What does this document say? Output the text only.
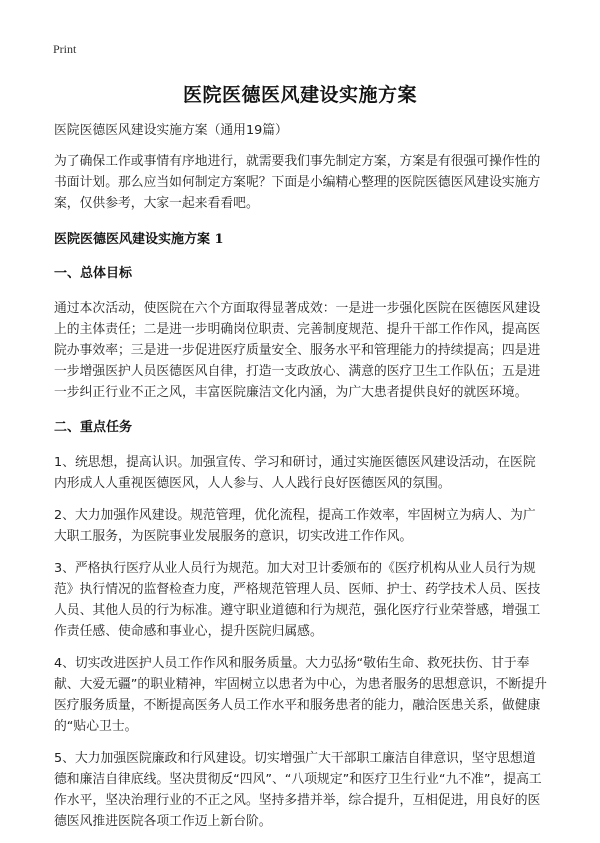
Print
医院医德医风建设实施方案

医院医德医风建设实施方案（通用19篇）

为了确保工作或事情有序地进行，就需要我们事先制定方案，方案是有很强可操作性的书面计划。那么应当如何制定方案呢？下面是小编精心整理的医院医德医风建设实施方案，仅供参考，大家一起来看看吧。

医院医德医风建设实施方案 1
一、总体目标

通过本次活动，使医院在六个方面取得显著成效：一是进一步强化医院在医德医风建设上的主体责任；二是进一步明确岗位职责、完善制度规范、提升干部工作作风，提高医院办事效率；三是进一步促进医疗质量安全、服务水平和管理能力的持续提高；四是进一步增强医护人员医德医风自律，打造一支政放心、满意的医疗卫生工作队伍；五是进一步纠正行业不正之风，丰富医院廉洁文化内涵，为广大患者提供良好的就医环境。

二、重点任务

1、统思想，提高认识。加强宣传、学习和研讨，通过实施医德医风建设活动，在医院内形成人人重视医德医风，人人参与、人人践行良好医德医风的氛围。

2、大力加强作风建设。规范管理，优化流程，提高工作效率，牢固树立为病人、为广大职工服务，为医院事业发展服务的意识，切实改进工作作风。

3、严格执行医疗从业人员行为规范。加大对卫计委颁布的《医疗机构从业人员行为规范》执行情况的监督检查力度，严格规范管理人员、医师、护士、药学技术人员、医技人员、其他人员的行为标准。遵守职业道德和行为规范，强化医疗行业荣誉感，增强工作责任感、使命感和事业心，提升医院归属感。

4、切实改进医护人员工作作风和服务质量。大力弘扬“敬佑生命、救死扶伤、甘于奉献、大爱无疆”的职业精神，牢固树立以患者为中心，为患者服务的思想意识，不断提升医疗服务质量，不断提高医务人员工作水平和服务患者的能力，融洽医患关系，做健康的“贴心卫士。

5、大力加强医院廉政和行风建设。切实增强广大干部职工廉洁自律意识，坚守思想道德和廉洁自律底线。坚决贯彻反“四风”、“八项规定”和医疗卫生行业“九不准”，提高工作水平，坚决治理行业的不正之风。坚持多措并举，综合提升，互相促进，用良好的医德医风推进医院各项工作迈上新台阶。
